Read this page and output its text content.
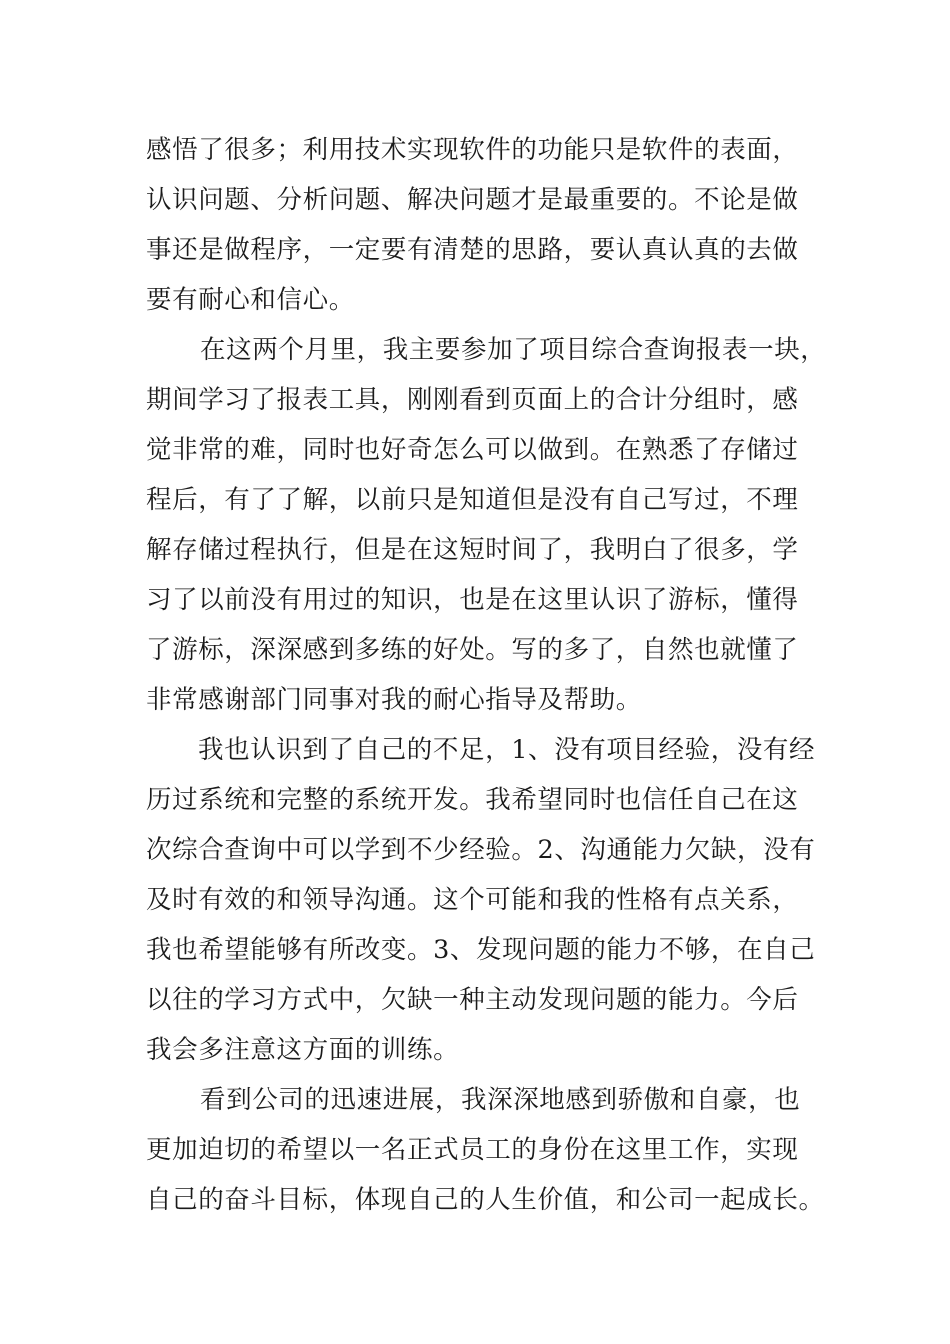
感悟了很多；利用技术实现软件的功能只是软件的表面，
认识问题、分析问题、解决问题才是最重要的。不论是做
事还是做程序，一定要有清楚的思路，要认真认真的去做
要有耐心和信心。
在这两个月里，我主要参加了项目综合查询报表一块，
期间学习了报表工具，刚刚看到页面上的合计分组时，感
觉非常的难，同时也好奇怎么可以做到。在熟悉了存储过
程后，有了了解，以前只是知道但是没有自己写过，不理
解存储过程执行，但是在这短时间了，我明白了很多，学
习了以前没有用过的知识，也是在这里认识了游标，懂得
了游标，深深感到多练的好处。写的多了，自然也就懂了
非常感谢部门同事对我的耐心指导及帮助。
我也认识到了自己的不足，1、没有项目经验，没有经
历过系统和完整的系统开发。我希望同时也信任自己在这
次综合查询中可以学到不少经验。2、沟通能力欠缺，没有
及时有效的和领导沟通。这个可能和我的性格有点关系，
我也希望能够有所改变。3、发现问题的能力不够，在自己
以往的学习方式中，欠缺一种主动发现问题的能力。今后
我会多注意这方面的训练。
看到公司的迅速进展，我深深地感到骄傲和自豪，也
更加迫切的希望以一名正式员工的身份在这里工作，实现
自己的奋斗目标，体现自己的人生价值，和公司一起成长。
